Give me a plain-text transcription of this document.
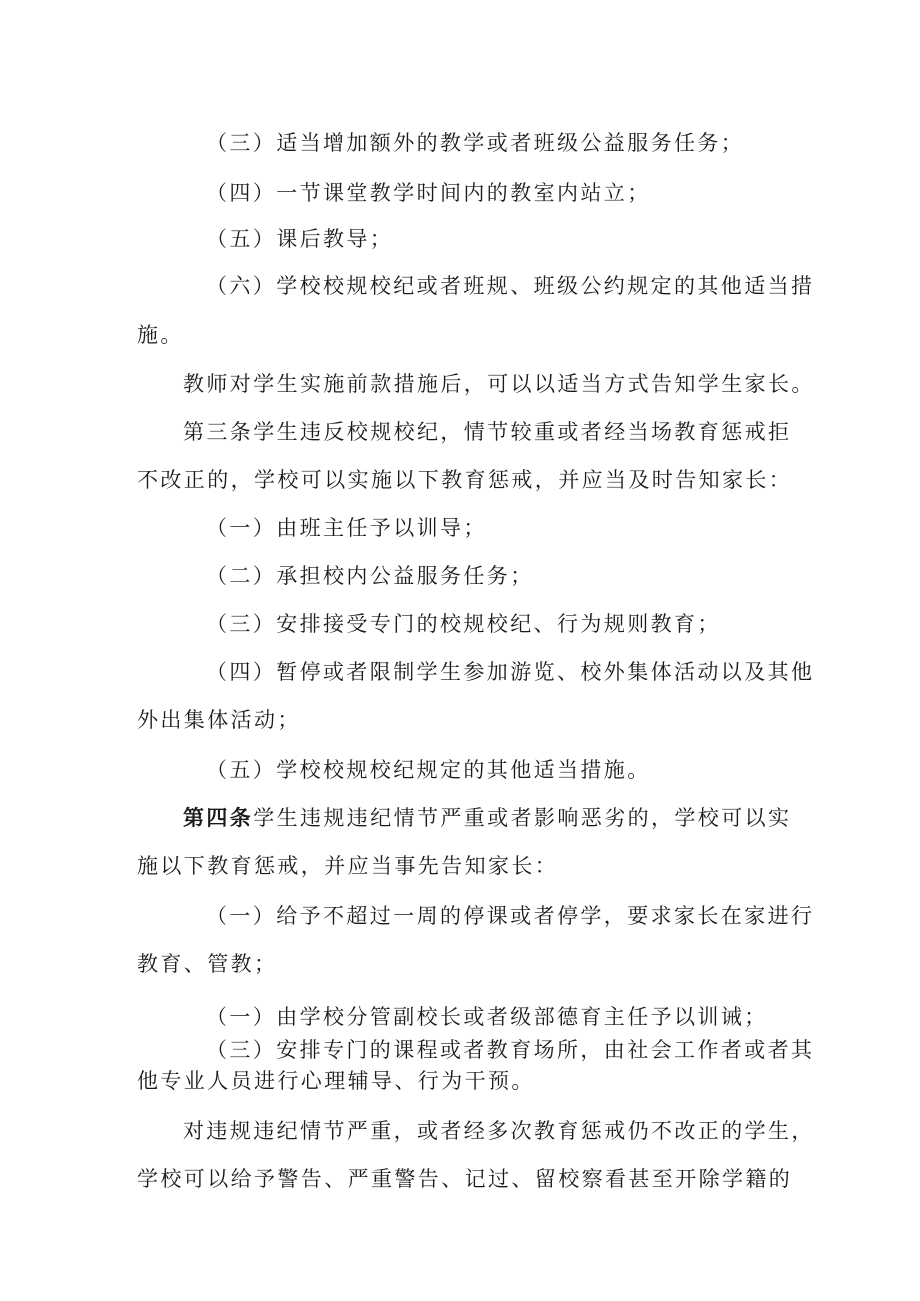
（三）适当增加额外的教学或者班级公益服务任务；

（四）一节课堂教学时间内的教室内站立；

（五）课后教导；

（六）学校校规校纪或者班规、班级公约规定的其他适当措

施。

教师对学生实施前款措施后，可以以适当方式告知学生家长。

第三条学生违反校规校纪，情节较重或者经当场教育惩戒拒

不改正的，学校可以实施以下教育惩戒，并应当及时告知家长：

（一）由班主任予以训导；

（二）承担校内公益服务任务；

（三）安排接受专门的校规校纪、行为规则教育；

（四）暂停或者限制学生参加游览、校外集体活动以及其他

外出集体活动；

（五）学校校规校纪规定的其他适当措施。

第四条学生违规违纪情节严重或者影响恶劣的，学校可以实

施以下教育惩戒，并应当事先告知家长：

（一）给予不超过一周的停课或者停学，要求家长在家进行

教育、管教；

（一）由学校分管副校长或者级部德育主任予以训诫；

（三）安排专门的课程或者教育场所，由社会工作者或者其

他专业人员进行心理辅导、行为干预。

对违规违纪情节严重，或者经多次教育惩戒仍不改正的学生，

学校可以给予警告、严重警告、记过、留校察看甚至开除学籍的
